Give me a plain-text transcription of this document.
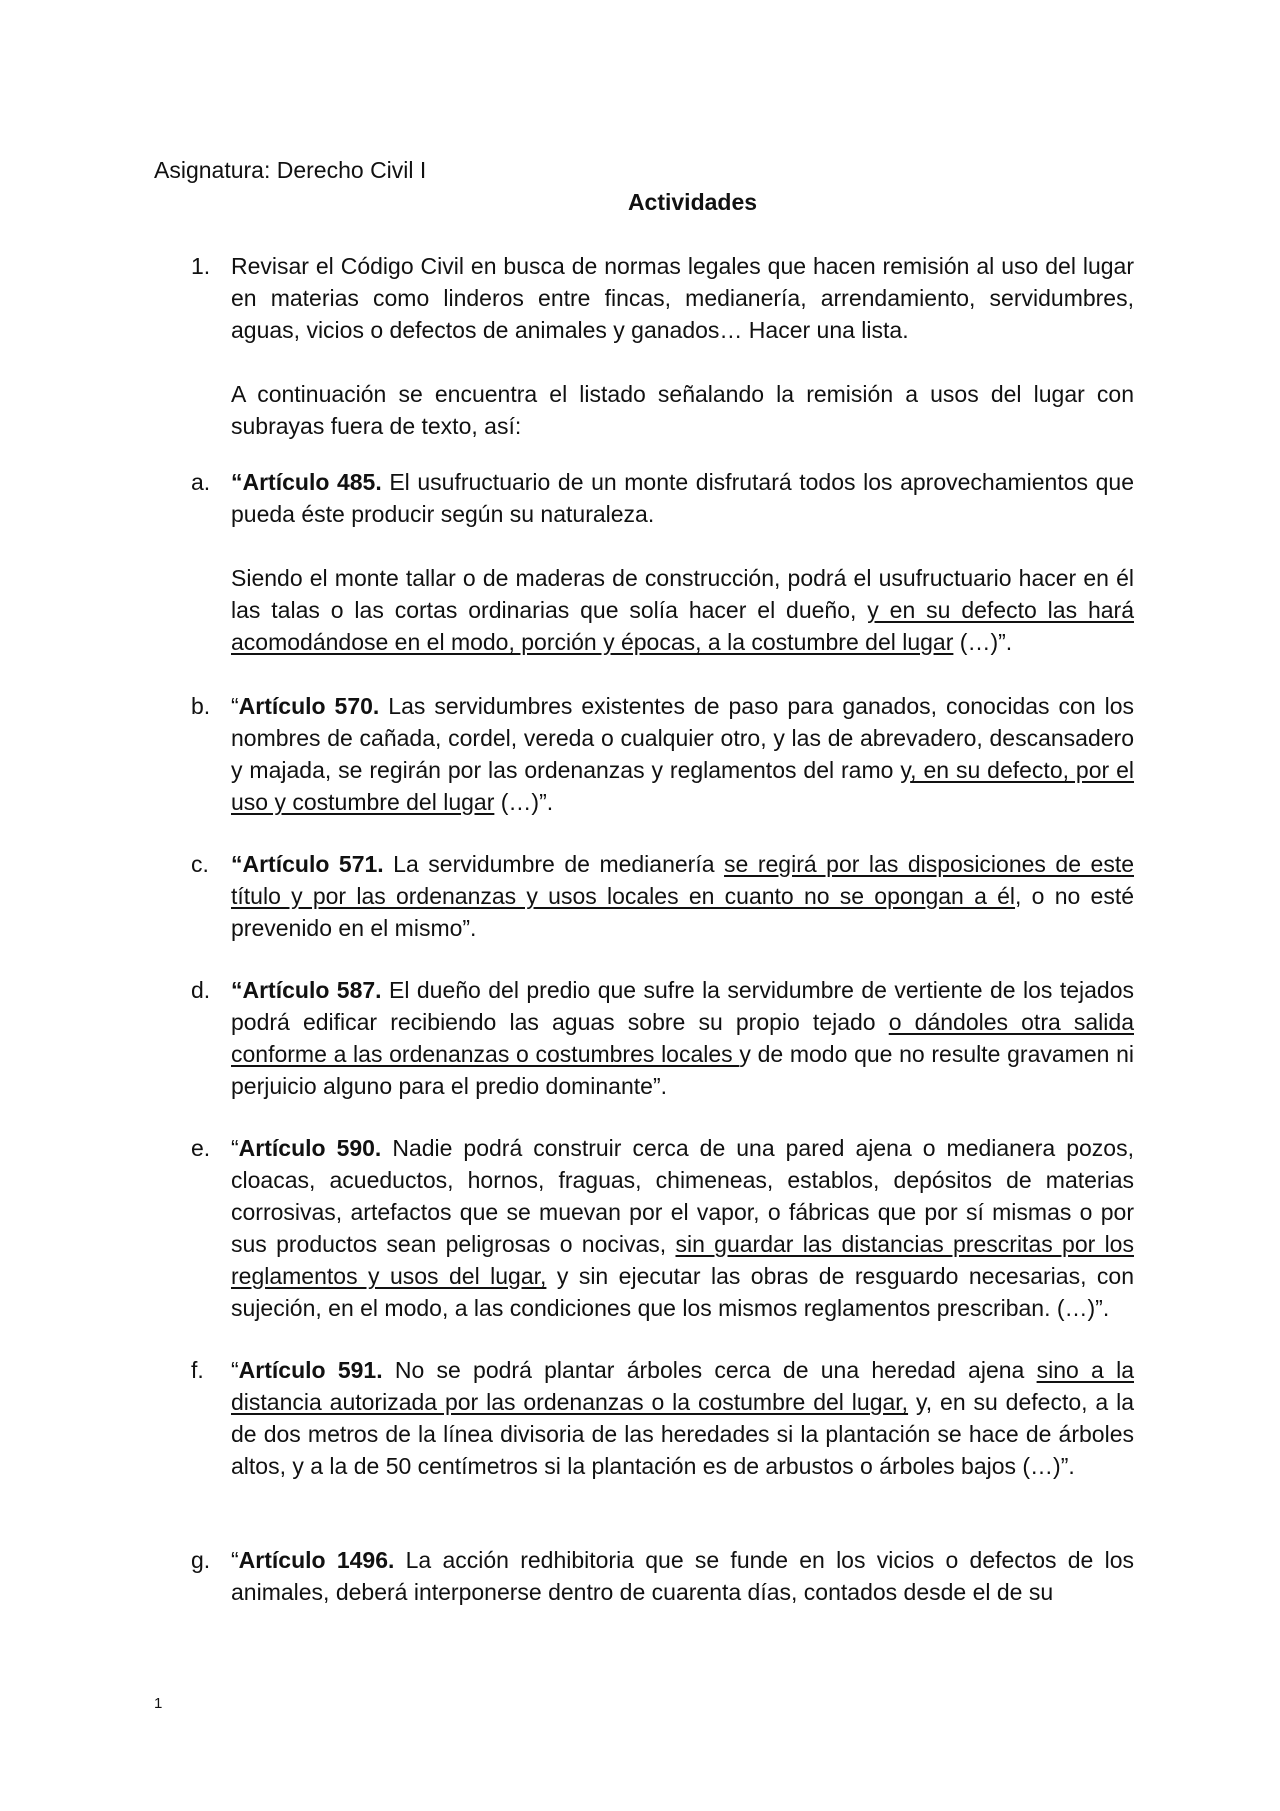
Asignatura: Derecho Civil I
Actividades
1. Revisar el Código Civil en busca de normas legales que hacen remisión al uso del lugar en materias como linderos entre fincas, medianería, arrendamiento, servidumbres, aguas, vicios o defectos de animales y ganados… Hacer una lista.

A continuación se encuentra el listado señalando la remisión a usos del lugar con subrayas fuera de texto, así:

a. “Artículo 485. El usufructuario de un monte disfrutará todos los aprovechamientos que pueda éste producir según su naturaleza.

Siendo el monte tallar o de maderas de construcción, podrá el usufructuario hacer en él las talas o las cortas ordinarias que solía hacer el dueño, y en su defecto las hará acomodándose en el modo, porción y épocas, a la costumbre del lugar (…)”.

b. “Artículo 570. Las servidumbres existentes de paso para ganados, conocidas con los nombres de cañada, cordel, vereda o cualquier otro, y las de abrevadero, descansadero y majada, se regirán por las ordenanzas y reglamentos del ramo y, en su defecto, por el uso y costumbre del lugar (…)”.

c. “Artículo 571. La servidumbre de medianería se regirá por las disposiciones de este título y por las ordenanzas y usos locales en cuanto no se opongan a él, o no esté prevenido en el mismo”.

d. “Artículo 587. El dueño del predio que sufre la servidumbre de vertiente de los tejados podrá edificar recibiendo las aguas sobre su propio tejado o dándoles otra salida conforme a las ordenanzas o costumbres locales y de modo que no resulte gravamen ni perjuicio alguno para el predio dominante”.

e. “Artículo 590. Nadie podrá construir cerca de una pared ajena o medianera pozos, cloacas, acueductos, hornos, fraguas, chimeneas, establos, depósitos de materias corrosivas, artefactos que se muevan por el vapor, o fábricas que por sí mismas o por sus productos sean peligrosas o nocivas, sin guardar las distancias prescritas por los reglamentos y usos del lugar, y sin ejecutar las obras de resguardo necesarias, con sujeción, en el modo, a las condiciones que los mismos reglamentos prescriban. (…)”.

f. “Artículo 591. No se podrá plantar árboles cerca de una heredad ajena sino a la distancia autorizada por las ordenanzas o la costumbre del lugar, y, en su defecto, a la de dos metros de la línea divisoria de las heredades si la plantación se hace de árboles altos, y a la de 50 centímetros si la plantación es de arbustos o árboles bajos (…)”.

g. “Artículo 1496. La acción redhibitoria que se funde en los vicios o defectos de los animales, deberá interponerse dentro de cuarenta días, contados desde el de su

1
